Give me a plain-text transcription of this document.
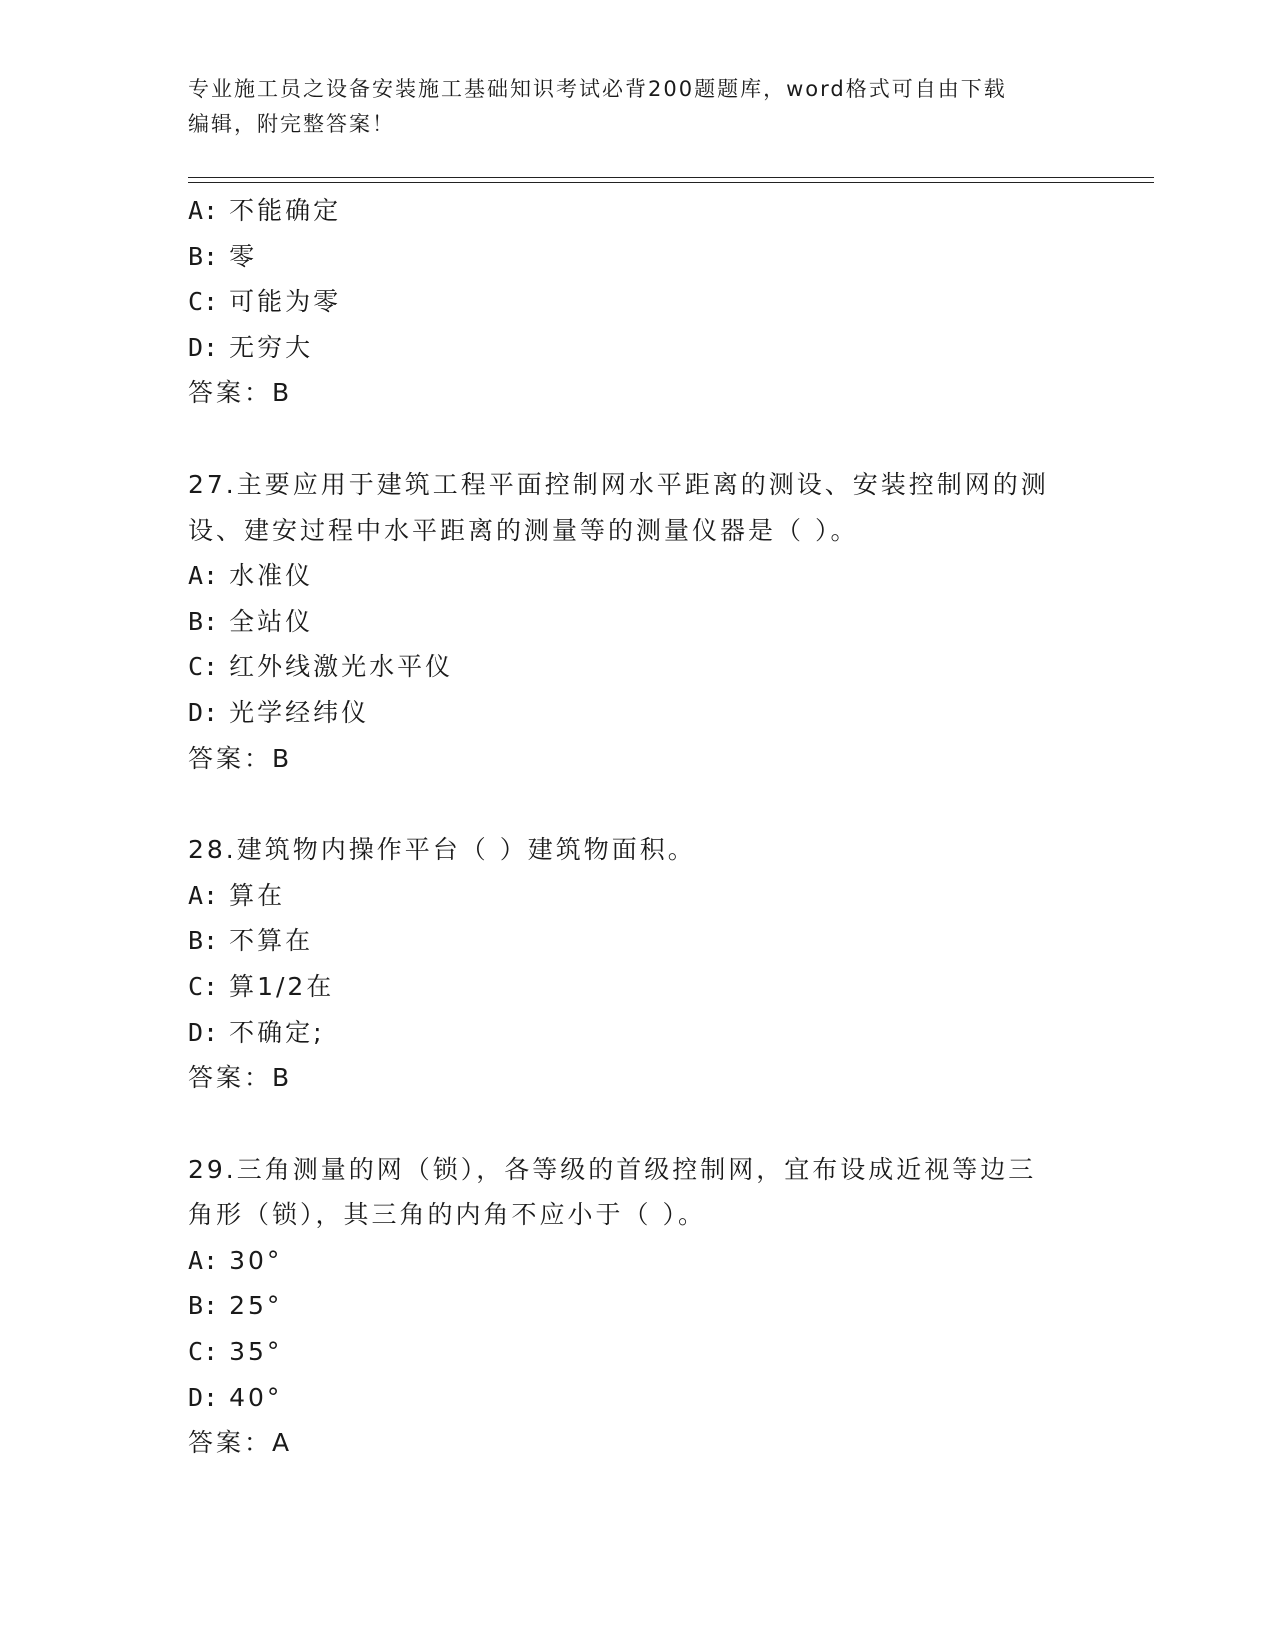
专业施工员之设备安装施工基础知识考试必背200题题库，word格式可自由下载
编辑，附完整答案！
A: 不能确定
B: 零
C: 可能为零
D: 无穷大
答案：B
27.主要应用于建筑工程平面控制网水平距离的测设、安装控制网的测
设、建安过程中水平距离的测量等的测量仪器是（ ）。
A: 水准仪
B: 全站仪
C: 红外线激光水平仪
D: 光学经纬仪
答案：B
28.建筑物内操作平台（ ）建筑物面积。
A: 算在
B: 不算在
C: 算1/2在
D: 不确定;
答案：B
29.三角测量的网（锁），各等级的首级控制网，宜布设成近视等边三
角形（锁），其三角的内角不应小于（ ）。
A: 30°
B: 25°
C: 35°
D: 40°
答案：A
